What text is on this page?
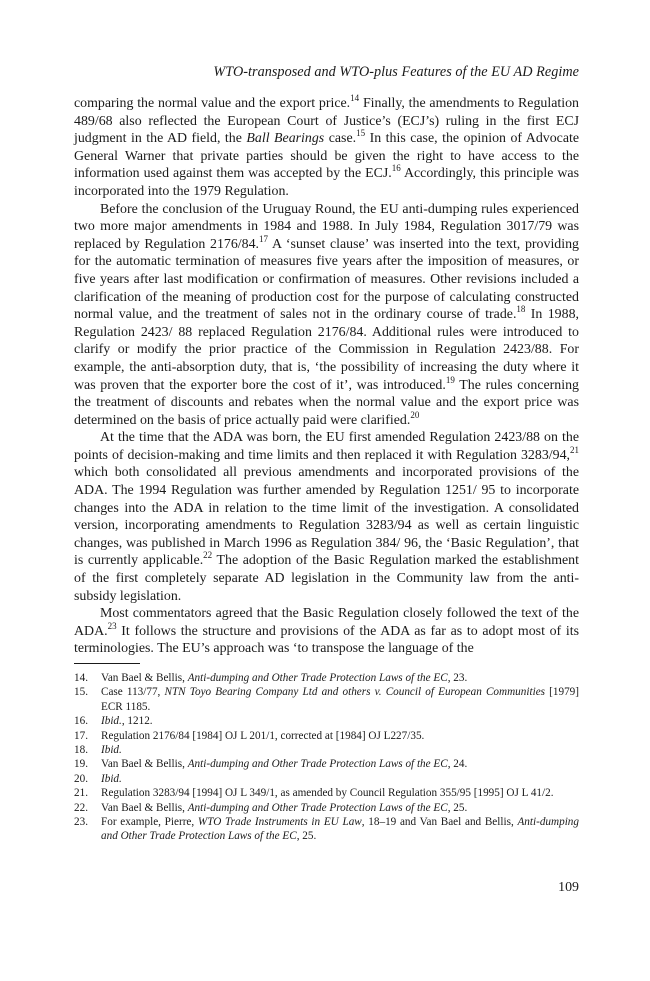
WTO-transposed and WTO-plus Features of the EU AD Regime

comparing the normal value and the export price.$^{14}$ Finally, the amendments to Regulation 489/68 also reflected the European Court of Justice’s (ECJ’s) ruling in the first ECJ judgment in the AD field, the Ball Bearings case.$^{15}$ In this case, the opinion of Advocate General Warner that private parties should be given the right to have access to the information used against them was accepted by the ECJ.$^{16}$ Accordingly, this principle was incorporated into the 1979 Regulation.

Before the conclusion of the Uruguay Round, the EU anti-dumping rules experienced two more major amendments in 1984 and 1988. In July 1984, Regulation 3017/79 was replaced by Regulation 2176/84.17 A ‘sunset clause’ was inserted into the text, providing for the automatic termination of measures five years after the imposition of measures, or five years after last modification or confirmation of measures. Other revisions included a clarification of the meaning of production cost for the purpose of calculating constructed normal value, and the treatment of sales not in the ordinary course of trade.$^{18}$ In 1988, Regulation 2423/ 88 replaced Regulation 2176/84. Additional rules were introduced to clarify or modify the prior practice of the Commission in Regulation 2423/88. For example, the anti-absorption duty, that is, ‘the possibility of increasing the duty where it was proven that the exporter bore the cost of it’, was introduced.$^{19}$ The rules concerning the treatment of discounts and rebates when the normal value and the export price was determined on the basis of price actually paid were clarified.$^{20}$

At the time that the ADA was born, the EU first amended Regulation 2423/88 on the points of decision-making and time limits and then replaced it with Regulation 3283/94,21 which both consolidated all previous amendments and incorporated provisions of the ADA. The 1994 Regulation was further amended by Regulation 1251/ 95 to incorporate changes into the ADA in relation to the time limit of the investigation. A consolidated version, incorporating amendments to Regulation 3283/94 as well as certain linguistic changes, was published in March 1996 as Regulation 384/ 96, the ‘Basic Regulation’, that is currently applicable.$^{22}$ The adoption of the Basic Regulation marked the establishment of the first completely separate AD legislation in the Community law from the anti-subsidy legislation.

Most commentators agreed that the Basic Regulation closely followed the text of the ADA.$^{23}$ It follows the structure and provisions of the ADA as far as to adopt most of its terminologies. The EU’s approach was ‘to transpose the language of the

14. Van Bael & Bellis, Anti-dumping and Other Trade Protection Laws of the EC, 23.
15. Case 113/77, NTN Toyo Bearing Company Ltd and others v. Council of European Communities [1979] ECR 1185.
16. Ibid., 1212.
17. Regulation 2176/84 [1984] OJ L 201/1, corrected at [1984] OJ L227/35.
18. Ibid.
19. Van Bael & Bellis, Anti-dumping and Other Trade Protection Laws of the EC, 24.
20. Ibid.
21. Regulation 3283/94 [1994] OJ L 349/1, as amended by Council Regulation 355/95 [1995] OJ L 41/2.
22. Van Bael & Bellis, Anti-dumping and Other Trade Protection Laws of the EC, 25.
23. For example, Pierre, WTO Trade Instruments in EU Law, 18–19 and Van Bael and Bellis, Anti-dumping and Other Trade Protection Laws of the EC, 25.
109
